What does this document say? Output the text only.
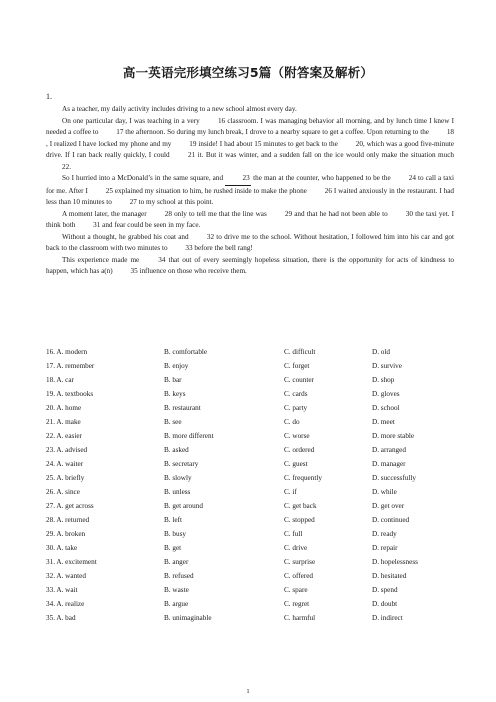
高一英语完形填空练习5篇（附答案及解析）
1.

As a teacher, my daily activity includes driving to a new school almost every day.

On one particular day, I was teaching in a very 16 classroom. I was managing behavior all morning, and by lunch time I knew I needed a coffee to 17 the afternoon. So during my lunch break, I drove to a nearby square to get a coffee. Upon returning to the 18, I realized I have locked my phone and my 19 inside! I had about 15 minutes to get back to the 20, which was a good five-minute drive. If I ran back really quickly, I could 21 it. But it was winter, and a sudden fall on the ice would only make the situation much 22.

So I hurried into a McDonald’s in the same square, and 23 the man at the counter, who happened to be the 24 to call a taxi for me. After I 25 explained my situation to him, he rushed inside to make the phone 26 I waited anxiously in the restaurant. I had less than 10 minutes to 27 to my school at this point.

A moment later, the manager 28 only to tell me that the line was 29 and that he had not been able to 30 the taxi yet. I think both 31 and fear could be seen in my face.

Without a thought, he grabbed his coat and 32 to drive me to the school. Without hesitation, I followed him into his car and got back to the classroom with two minutes to 33 before the bell rang!

This experience made me 34 that out of every seemingly hopeless situation, there is the opportunity for acts of kindness to happen, which has a(n) 35 influence on those who receive them.

16. A. modern	B. comfortable	C. difficult	D. old
17. A. remember	B. enjoy	C. forget	D. survive
18. A. car	B. bar	C. counter	D. shop
19. A. textbooks	B. keys	C. cards	D. gloves
20. A. home	B. restaurant	C. party	D. school
21. A. make	B. see	C. do	D. meet
22. A. easier	B. more different	C. worse	D. more stable
23. A. advised	B. asked	C. ordered	D. arranged
24. A. waiter	B. secretary	C. guest	D. manager
25. A. briefly	B. slowly	C. frequently	D. successfully
26. A. since	B. unless	C. if	D. while
27. A. get across	B. get around	C. get back	D. get over
28. A. returned	B. left	C. stopped	D. continued
29. A. broken	B. busy	C. full	D. ready
30. A. take	B. get	C. drive	D. repair
31. A. excitement	B. anger	C. surprise	D. hopelessness
32. A. wanted	B. refused	C. offered	D. hesitated
33. A. wait	B. waste	C. spare	D. spend
34. A. realize	B. argue	C. regret	D. doubt
35. A. bad	B. unimaginable	C. harmful	D. indirect
1
